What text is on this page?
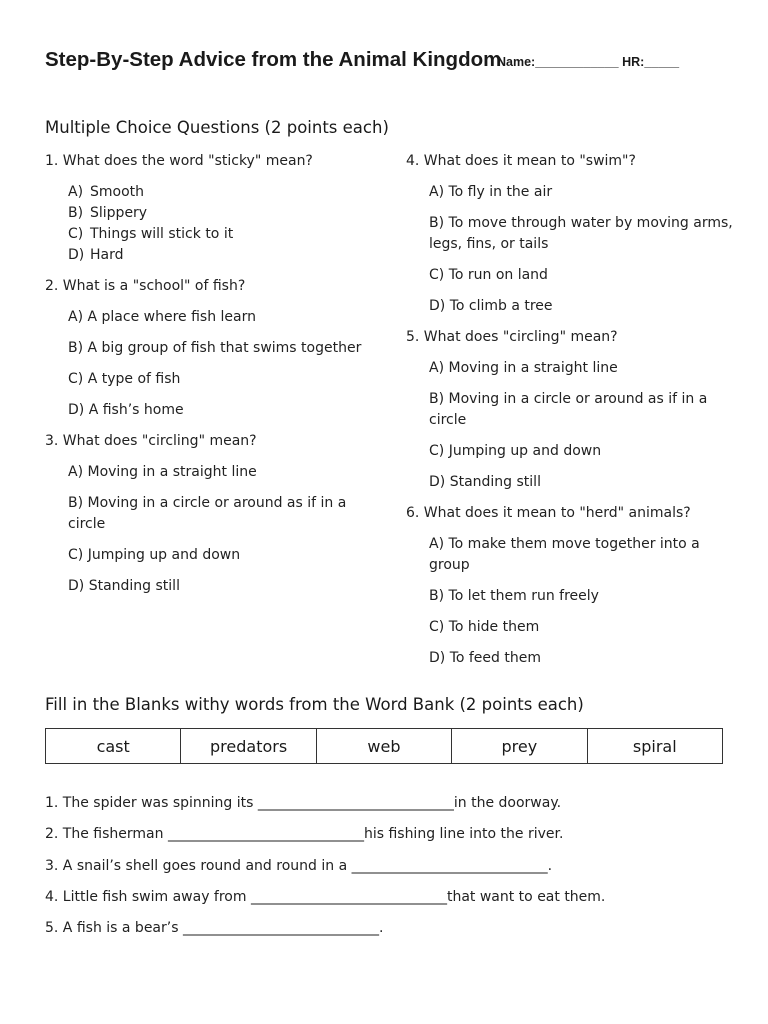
Step-By-Step Advice from the Animal Kingdom
Name:____________ HR:_____
Multiple Choice Questions (2 points each)
1. What does the word "sticky" mean?
A) Smooth
B) Slippery
C) Things will stick to it
D) Hard
2. What is a "school" of fish?
A) A place where fish learn
B) A big group of fish that swims together
C) A type of fish
D) A fish’s home
3. What does "circling" mean?
A) Moving in a straight line
B) Moving in a circle or around as if in a circle
C) Jumping up and down
D) Standing still
4. What does it mean to "swim"?
A) To fly in the air
B) To move through water by moving arms, legs, fins, or tails
C) To run on land
D) To climb a tree
5. What does "circling" mean?
A) Moving in a straight line
B) Moving in a circle or around as if in a circle
C) Jumping up and down
D) Standing still
6. What does it mean to "herd" animals?
A) To make them move together into a group
B) To let them run freely
C) To hide them
D) To feed them
Fill in the Blanks withy words from the Word Bank (2 points each)
cast	predators	web	prey	spiral
1. The spider was spinning its ____________________________in the doorway.
2. The fisherman ____________________________his fishing line into the river.
3. A snail’s shell goes round and round in a ____________________________.
4. Little fish swim away from ____________________________that want to eat them.
5. A fish is a bear’s ____________________________.
